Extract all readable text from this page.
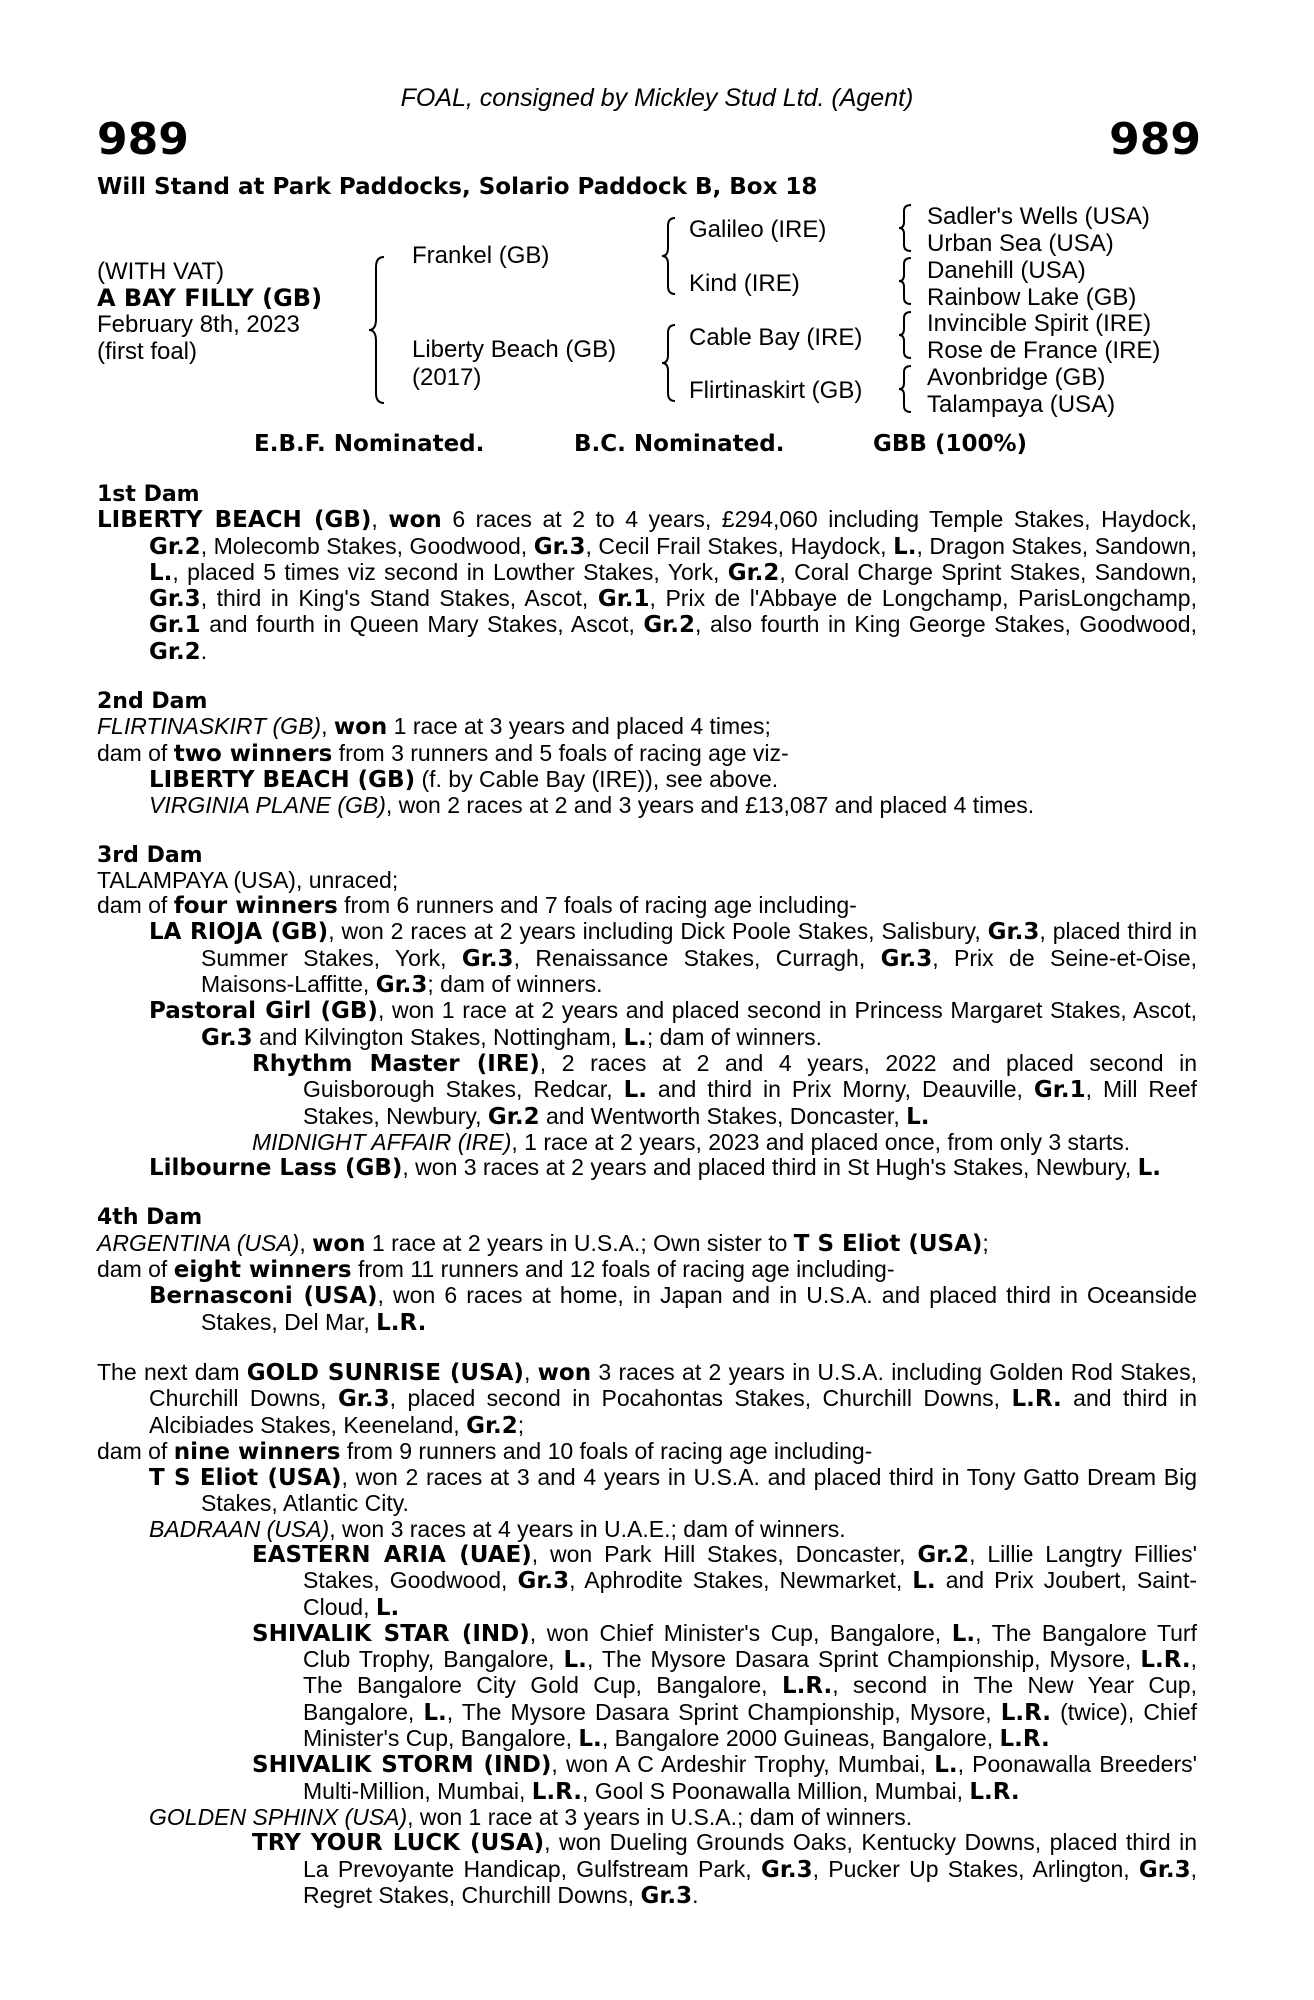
FOAL, consigned by Mickley Stud Ltd. (Agent)
989	989
Will Stand at Park Paddocks, Solario Paddock B, Box 18
(WITH VAT)
A BAY FILLY (GB)
February 8th, 2023
(first foal)
Frankel (GB)
Liberty Beach (GB)
(2017)
Galileo (IRE)
Kind (IRE)
Cable Bay (IRE)
Flirtinaskirt (GB)
Sadler's Wells (USA)
Urban Sea (USA)
Danehill (USA)
Rainbow Lake (GB)
Invincible Spirit (IRE)
Rose de France (IRE)
Avonbridge (GB)
Talampaya (USA)
E.B.F. Nominated.	B.C. Nominated.	GBB (100%)
1st Dam
LIBERTY BEACH (GB), won 6 races at 2 to 4 years, £294,060 including Temple Stakes, Haydock, Gr.2, Molecomb Stakes, Goodwood, Gr.3, Cecil Frail Stakes, Haydock, L., Dragon Stakes, Sandown, L., placed 5 times viz second in Lowther Stakes, York, Gr.2, Coral Charge Sprint Stakes, Sandown, Gr.3, third in King's Stand Stakes, Ascot, Gr.1, Prix de l'Abbaye de Longchamp, ParisLongchamp, Gr.1 and fourth in Queen Mary Stakes, Ascot, Gr.2, also fourth in King George Stakes, Goodwood, Gr.2.
2nd Dam
FLIRTINASKIRT (GB), won 1 race at 3 years and placed 4 times;
dam of two winners from 3 runners and 5 foals of racing age viz-
LIBERTY BEACH (GB) (f. by Cable Bay (IRE)), see above.
VIRGINIA PLANE (GB), won 2 races at 2 and 3 years and £13,087 and placed 4 times.
3rd Dam
TALAMPAYA (USA), unraced;
dam of four winners from 6 runners and 7 foals of racing age including-
LA RIOJA (GB), won 2 races at 2 years including Dick Poole Stakes, Salisbury, Gr.3, placed third in Summer Stakes, York, Gr.3, Renaissance Stakes, Curragh, Gr.3, Prix de Seine-et-Oise, Maisons-Laffitte, Gr.3; dam of winners.
Pastoral Girl (GB), won 1 race at 2 years and placed second in Princess Margaret Stakes, Ascot, Gr.3 and Kilvington Stakes, Nottingham, L.; dam of winners.
Rhythm Master (IRE), 2 races at 2 and 4 years, 2022 and placed second in Guisborough Stakes, Redcar, L. and third in Prix Morny, Deauville, Gr.1, Mill Reef Stakes, Newbury, Gr.2 and Wentworth Stakes, Doncaster, L.
MIDNIGHT AFFAIR (IRE), 1 race at 2 years, 2023 and placed once, from only 3 starts.
Lilbourne Lass (GB), won 3 races at 2 years and placed third in St Hugh's Stakes, Newbury, L.
4th Dam
ARGENTINA (USA), won 1 race at 2 years in U.S.A.; Own sister to T S Eliot (USA);
dam of eight winners from 11 runners and 12 foals of racing age including-
Bernasconi (USA), won 6 races at home, in Japan and in U.S.A. and placed third in Oceanside Stakes, Del Mar, L.R.
The next dam GOLD SUNRISE (USA), won 3 races at 2 years in U.S.A. including Golden Rod Stakes, Churchill Downs, Gr.3, placed second in Pocahontas Stakes, Churchill Downs, L.R. and third in Alcibiades Stakes, Keeneland, Gr.2;
dam of nine winners from 9 runners and 10 foals of racing age including-
T S Eliot (USA), won 2 races at 3 and 4 years in U.S.A. and placed third in Tony Gatto Dream Big Stakes, Atlantic City.
BADRAAN (USA), won 3 races at 4 years in U.A.E.; dam of winners.
EASTERN ARIA (UAE), won Park Hill Stakes, Doncaster, Gr.2, Lillie Langtry Fillies' Stakes, Goodwood, Gr.3, Aphrodite Stakes, Newmarket, L. and Prix Joubert, Saint-Cloud, L.
SHIVALIK STAR (IND), won Chief Minister's Cup, Bangalore, L., The Bangalore Turf Club Trophy, Bangalore, L., The Mysore Dasara Sprint Championship, Mysore, L.R., The Bangalore City Gold Cup, Bangalore, L.R., second in The New Year Cup, Bangalore, L., The Mysore Dasara Sprint Championship, Mysore, L.R. (twice), Chief Minister's Cup, Bangalore, L., Bangalore 2000 Guineas, Bangalore, L.R.
SHIVALIK STORM (IND), won A C Ardeshir Trophy, Mumbai, L., Poonawalla Breeders' Multi-Million, Mumbai, L.R., Gool S Poonawalla Million, Mumbai, L.R.
GOLDEN SPHINX (USA), won 1 race at 3 years in U.S.A.; dam of winners.
TRY YOUR LUCK (USA), won Dueling Grounds Oaks, Kentucky Downs, placed third in La Prevoyante Handicap, Gulfstream Park, Gr.3, Pucker Up Stakes, Arlington, Gr.3, Regret Stakes, Churchill Downs, Gr.3.
